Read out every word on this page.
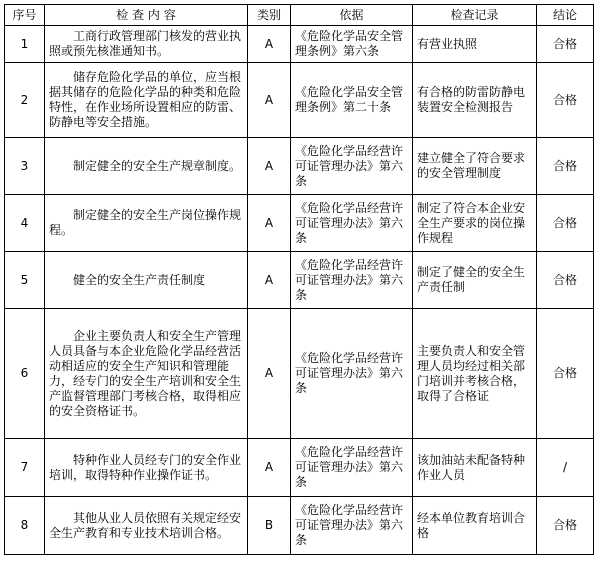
序号	检 查 内 容	类别	依据	检查记录	结论
1	工商行政管理部门核发的营业执照或预先核准通知书。	A	《危险化学品安全管理条例》第六条	有营业执照	合格
2	储存危险化学品的单位，应当根据其储存的危险化学品的种类和危险特性，在作业场所设置相应的防雷、防静电等安全措施。	A	《危险化学品安全管理条例》第二十条	有合格的防雷防静电装置安全检测报告	合格
3	制定健全的安全生产规章制度。	A	《危险化学品经营许可证管理办法》第六条	建立健全了符合要求的安全管理制度	合格
4	制定健全的安全生产岗位操作规程。	A	《危险化学品经营许可证管理办法》第六条	制定了符合本企业安全生产要求的岗位操作规程	合格
5	健全的安全生产责任制度	A	《危险化学品经营许可证管理办法》第六条	制定了健全的安全生产责任制	合格
6	企业主要负责人和安全生产管理人员具备与本企业危险化学品经营活动相适应的安全生产知识和管理能力，经专门的安全生产培训和安全生产监督管理部门考核合格，取得相应的安全资格证书。	A	《危险化学品经营许可证管理办法》第六条	主要负责人和安全管理人员均经过相关部门培训并考核合格，取得了合格证	合格
7	特种作业人员经专门的安全作业培训，取得特种作业操作证书。	A	《危险化学品经营许可证管理办法》第六条	该加油站未配备特种作业人员	/
8	其他从业人员依照有关规定经安全生产教育和专业技术培训合格。	B	《危险化学品经营许可证管理办法》第六条	经本单位教育培训合格	合格
